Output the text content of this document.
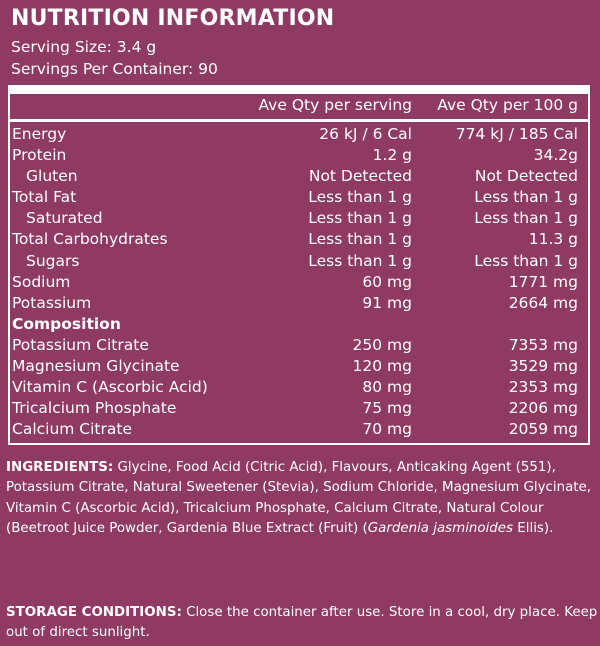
NUTRITION INFORMATION
Serving Size: 3.4 g
Servings Per Container: 90
Ave Qty per serving	Ave Qty per 100 g
Energy	26 kJ / 6 Cal	774 kJ / 185 Cal
Protein	1.2 g	34.2g
Gluten	Not Detected	Not Detected
Total Fat	Less than 1 g	Less than 1 g
Saturated	Less than 1 g	Less than 1 g
Total Carbohydrates	Less than 1 g	11.3 g
Sugars	Less than 1 g	Less than 1 g
Sodium	60 mg	1771 mg
Potassium	91 mg	2664 mg
Composition
Potassium Citrate	250 mg	7353 mg
Magnesium Glycinate	120 mg	3529 mg
Vitamin C (Ascorbic Acid)	80 mg	2353 mg
Tricalcium Phosphate	75 mg	2206 mg
Calcium Citrate	70 mg	2059 mg
INGREDIENTS: Glycine, Food Acid (Citric Acid), Flavours, Anticaking Agent (551), Potassium Citrate, Natural Sweetener (Stevia), Sodium Chloride, Magnesium Glycinate, Vitamin C (Ascorbic Acid), Tricalcium Phosphate, Calcium Citrate, Natural Colour (Beetroot Juice Powder, Gardenia Blue Extract (Fruit) (Gardenia jasminoides Ellis).
STORAGE CONDITIONS: Close the container after use. Store in a cool, dry place. Keep out of direct sunlight.
